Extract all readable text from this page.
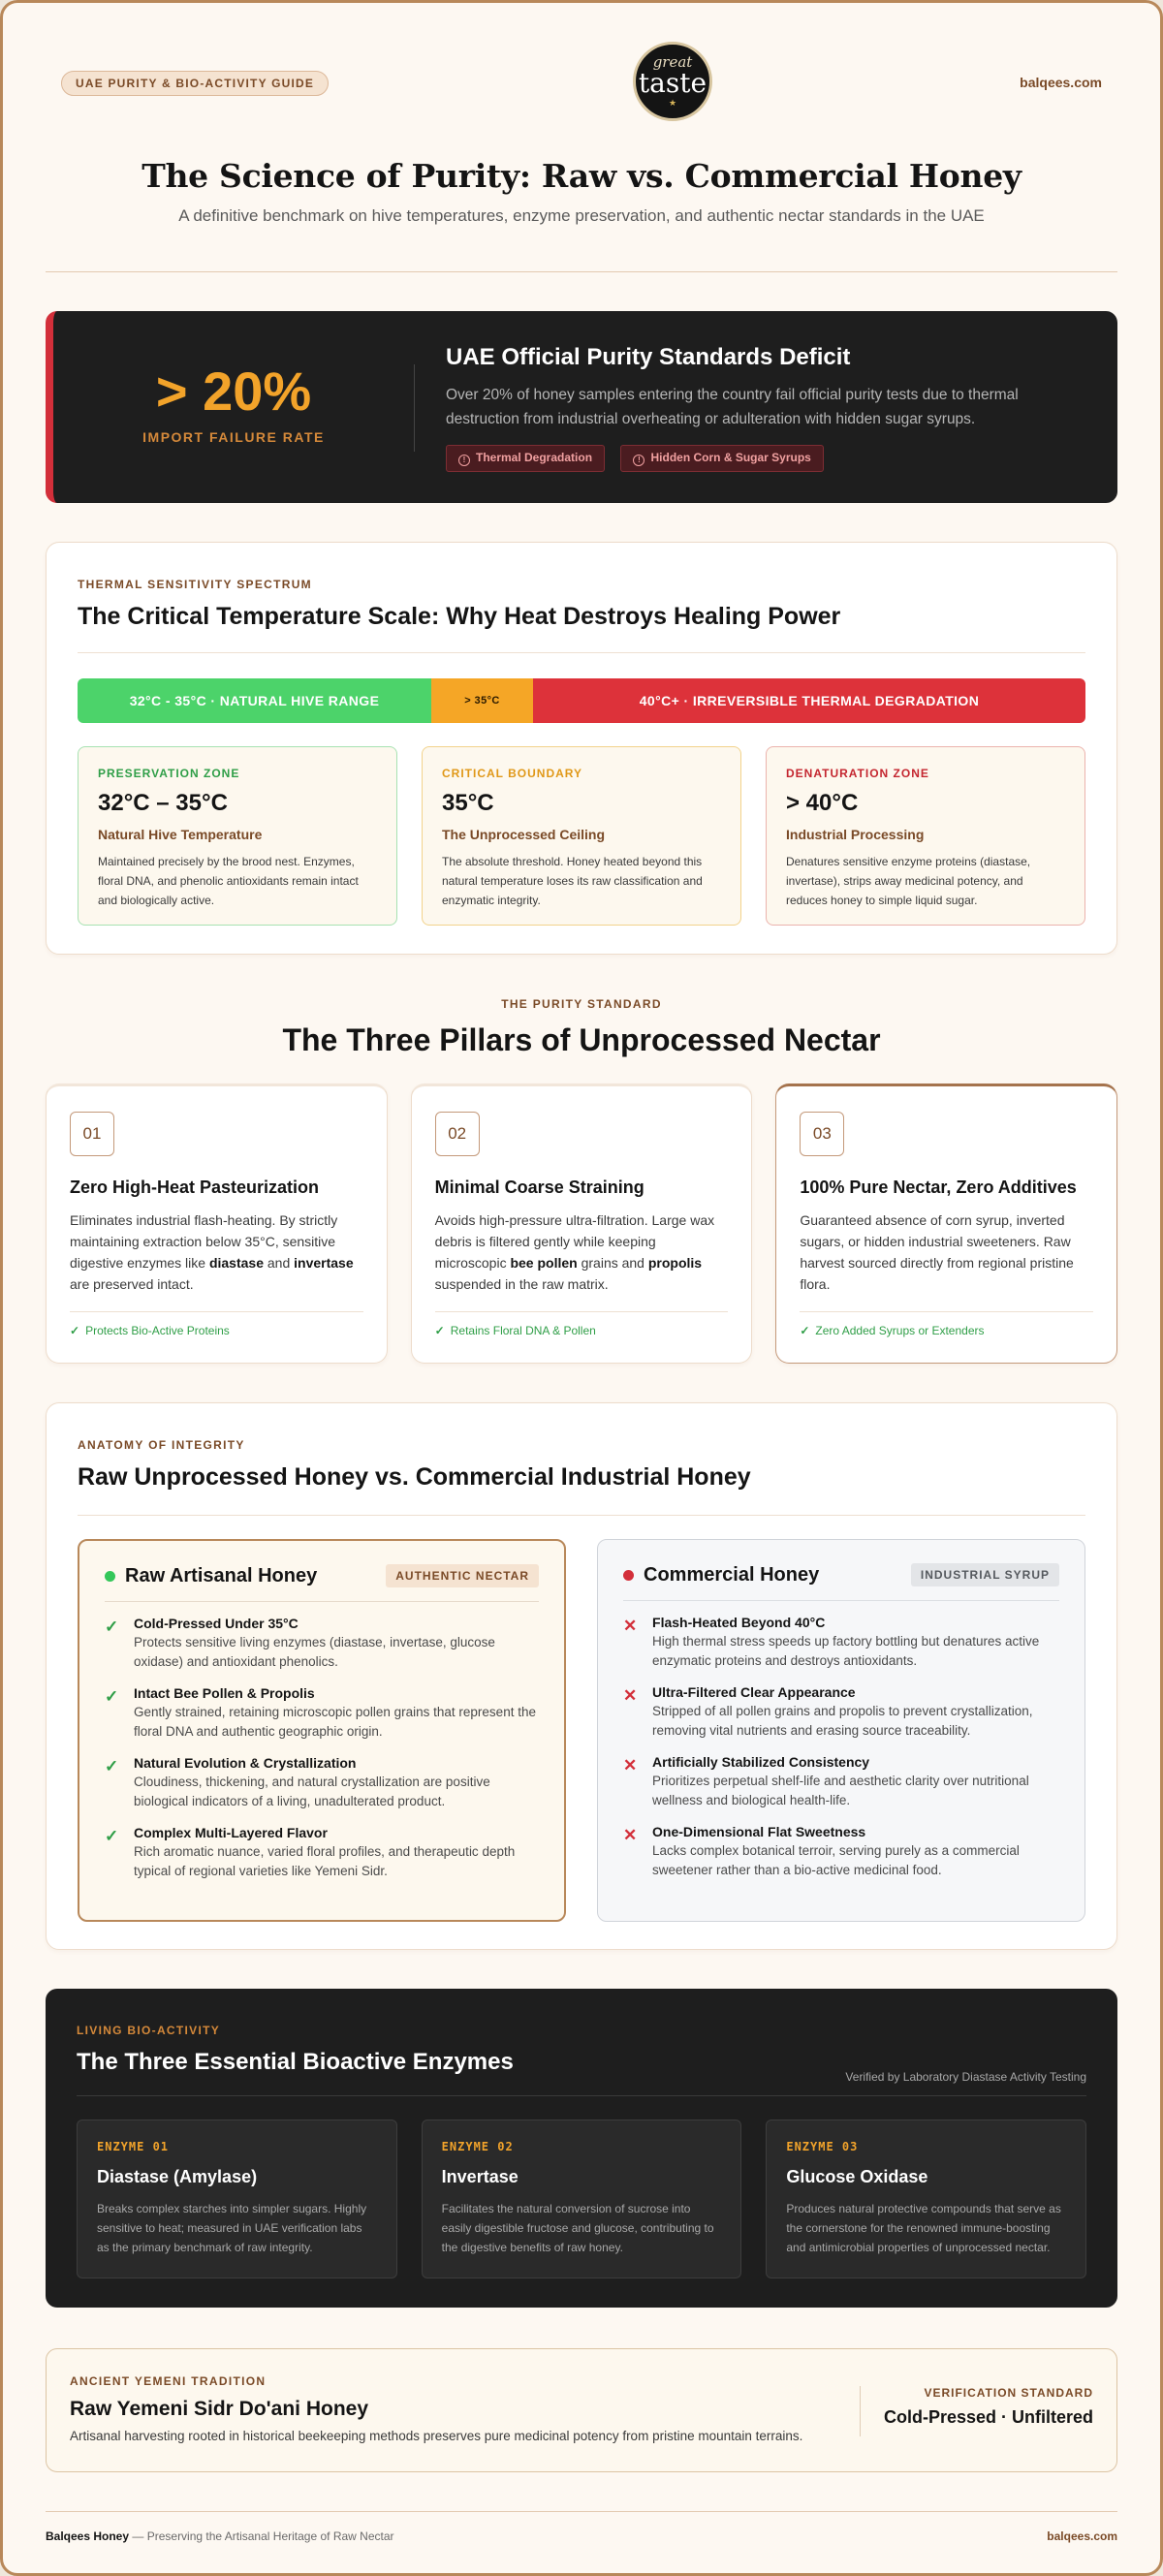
UAE PURITY & BIO-ACTIVITY GUIDE
great
taste
★
balqees.com
The Science of Purity: Raw vs. Commercial Honey

A definitive benchmark on hive temperatures, enzyme preservation, and authentic nectar standards in the UAE

> 20%
IMPORT FAILURE RATE
UAE Official Purity Standards Deficit
Over 20% of honey samples entering the country fail official purity tests due to thermal destruction from industrial overheating or adulteration with hidden sugar syrups.
! Thermal Degradation	! Hidden Corn & Sugar Syrups
THERMAL SENSITIVITY SPECTRUM
The Critical Temperature Scale: Why Heat Destroys Healing Power
32°C - 35°C · NATURAL HIVE RANGE	> 35°C	40°C+ · IRREVERSIBLE THERMAL DEGRADATION
PRESERVATION ZONE
32°C – 35°C
Natural Hive Temperature
Maintained precisely by the brood nest. Enzymes, floral DNA, and phenolic antioxidants remain intact and biologically active.
CRITICAL BOUNDARY
35°C
The Unprocessed Ceiling
The absolute threshold. Honey heated beyond this natural temperature loses its raw classification and enzymatic integrity.
DENATURATION ZONE
> 40°C
Industrial Processing
Denatures sensitive enzyme proteins (diastase, invertase), strips away medicinal potency, and reduces honey to simple liquid sugar.
THE PURITY STANDARD
The Three Pillars of Unprocessed Nectar
01
Zero High-Heat Pasteurization
Eliminates industrial flash-heating. By strictly maintaining extraction below 35°C, sensitive digestive enzymes like diastase and invertase are preserved intact.
✓ Protects Bio-Active Proteins
02
Minimal Coarse Straining
Avoids high-pressure ultra-filtration. Large wax debris is filtered gently while keeping microscopic bee pollen grains and propolis suspended in the raw matrix.
✓ Retains Floral DNA & Pollen
03
100% Pure Nectar, Zero Additives
Guaranteed absence of corn syrup, inverted sugars, or hidden industrial sweeteners. Raw harvest sourced directly from regional pristine flora.
✓ Zero Added Syrups or Extenders
ANATOMY OF INTEGRITY
Raw Unprocessed Honey vs. Commercial Industrial Honey
Raw Artisanal Honey	AUTHENTIC NECTAR
✓	Cold-Pressed Under 35°C
Protects sensitive living enzymes (diastase, invertase, glucose oxidase) and antioxidant phenolics.
✓	Intact Bee Pollen & Propolis
Gently strained, retaining microscopic pollen grains that represent the floral DNA and authentic geographic origin.
✓	Natural Evolution & Crystallization
Cloudiness, thickening, and natural crystallization are positive biological indicators of a living, unadulterated product.
✓	Complex Multi-Layered Flavor
Rich aromatic nuance, varied floral profiles, and therapeutic depth typical of regional varieties like Yemeni Sidr.
Commercial Honey	INDUSTRIAL SYRUP
✕	Flash-Heated Beyond 40°C
High thermal stress speeds up factory bottling but denatures active enzymatic proteins and destroys antioxidants.
✕	Ultra-Filtered Clear Appearance
Stripped of all pollen grains and propolis to prevent crystallization, removing vital nutrients and erasing source traceability.
✕	Artificially Stabilized Consistency
Prioritizes perpetual shelf-life and aesthetic clarity over nutritional wellness and biological health-life.
✕	One-Dimensional Flat Sweetness
Lacks complex botanical terroir, serving purely as a commercial sweetener rather than a bio-active medicinal food.
LIVING BIO-ACTIVITY
The Three Essential Bioactive Enzymes
Verified by Laboratory Diastase Activity Testing
ENZYME 01
Diastase (Amylase)
Breaks complex starches into simpler sugars. Highly sensitive to heat; measured in UAE verification labs as the primary benchmark of raw integrity.
ENZYME 02
Invertase
Facilitates the natural conversion of sucrose into easily digestible fructose and glucose, contributing to the digestive benefits of raw honey.
ENZYME 03
Glucose Oxidase
Produces natural protective compounds that serve as the cornerstone for the renowned immune-boosting and antimicrobial properties of unprocessed nectar.
ANCIENT YEMENI TRADITION
Raw Yemeni Sidr Do'ani Honey
Artisanal harvesting rooted in historical beekeeping methods preserves pure medicinal potency from pristine mountain terrains.
VERIFICATION STANDARD
Cold-Pressed · Unfiltered
Balqees Honey — Preserving the Artisanal Heritage of Raw Nectar	balqees.com
